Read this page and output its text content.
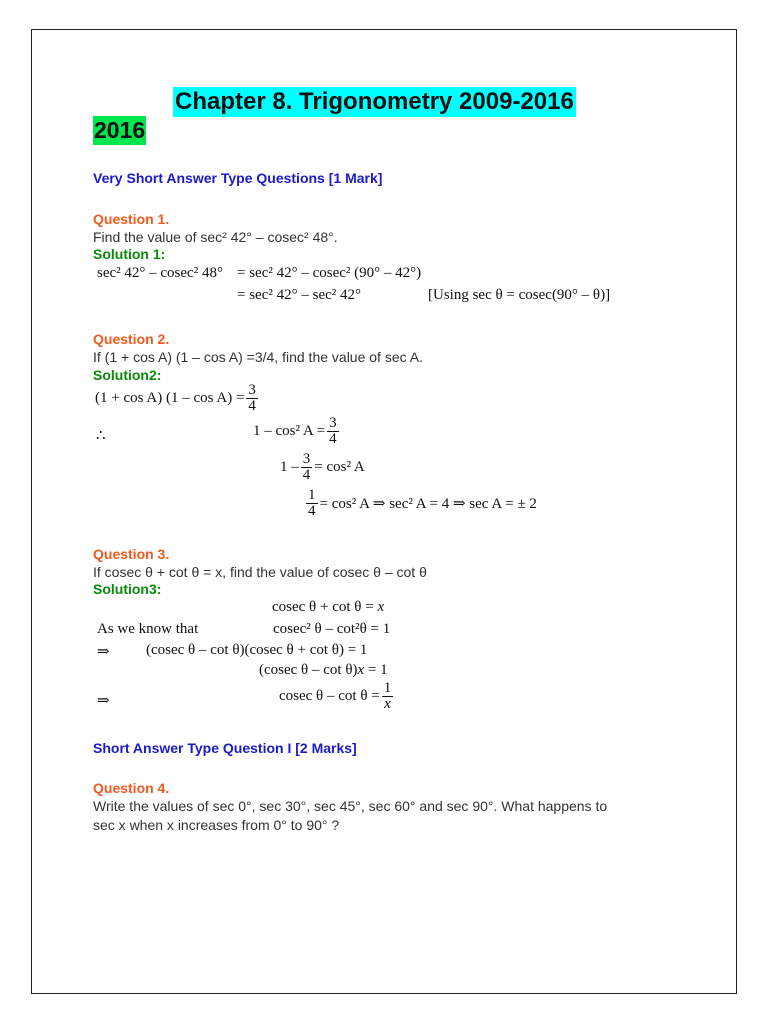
Chapter 8. Trigonometry 2009-2016
2016
Very Short Answer Type Questions [1 Mark]
Question 1.
Find the value of sec² 42° – cosec² 48°.
Solution 1:
sec² 42° – cosec² 48° = sec² 42° – cosec² (90° – 42°)
= sec² 42° – sec² 42°	[Using sec θ = cosec(90° – θ)]
Question 2.
If (1 + cos A) (1 – cos A) =3/4, find the value of sec A.
Solution2:
(1 + cos A) $(1 - \cos A) = \frac{3}{4}$
∴	1 – cos² $A = \frac{3}{4}$
$1 - \frac{3}{4} = \cos^2$ A
$\frac{1}{4} = \cos^2$ A ⇒ sec² A = 4 ⇒ sec A = ± 2
Question 3.
If cosec θ + cot θ = x, find the value of cosec θ – cot θ
Solution3:
cosec θ + cot θ = x
As we know that	cosec² θ – cot²θ = 1
⇒ (cosec θ – cot θ)(cosec θ + cot θ) = 1
(cosec θ – cot θ)x = 1
⇒	cosec $\theta - \cot \theta = \frac{1}{x}$
Short Answer Type Question I [2 Marks]
Question 4.
Write the values of sec 0°, sec 30°, sec 45°, sec 60° and sec 90°. What happens to
sec x when x increases from 0° to 90° ?
